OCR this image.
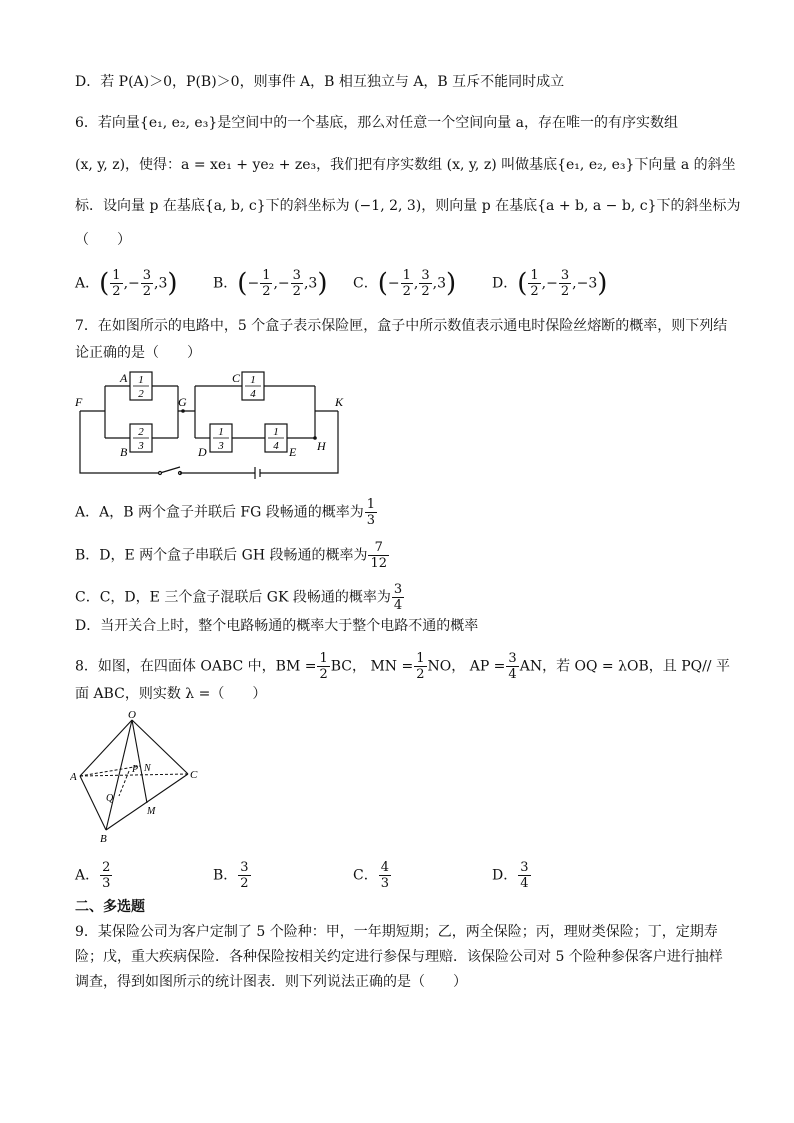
D．若 P(A)＞0，P(B)＞0，则事件 A，B 相互独立与 A，B 互斥不能同时成立
6．若向量{e₁, e₂, e₃}是空间中的一个基底，那么对任意一个空间向量 a，存在唯一的有序实数组
(x, y, z)，使得：a = xe₁ + ye₂ + ze₃，我们把有序实数组 (x, y, z) 叫做基底{e₁, e₂, e₃}下向量 a 的斜坐
标．设向量 p 在基底{a, b, c}下的斜坐标为 (−1, 2, 3)，则向量 p 在基底{a + b, a − b, c}下的斜坐标为
（　　）
A．( $\frac{1}{2}$ ,− $\frac{3}{2} ,3$)	B．(− $\frac{1}{2}$ ,− $\frac{3}{2} ,3$) C．(− $\frac{1}{2}$ , $\frac{3}{2} ,3$)	D．( $\frac{1}{2}$ ,− $\frac{3}{2} ,-3$)
7．在如图所示的电路中，5 个盒子表示保险匣，盒子中所示数值表示通电时保险丝熔断的概率，则下列结
论正确的是（　　）
F	G	K
H
A
B
C
D	E
1
2
2
3
1
4
1
3
1
4
A．A，B 两个盒子并联后 FG 段畅通的概率为 $\frac{1}{3}$
B．D，E 两个盒子串联后 GH 段畅通的概率为 $\frac{7}{12}$
C．C，D，E 三个盒子混联后 GK 段畅通的概率为 $\frac{3}{4}$
D．当开关合上时，整个电路畅通的概率大于整个电路不通的概率
8．如图，在四面体 OABC 中，BM = $\frac{1}{2}$ BC， MN = $\frac{1}{2}$ NO， AP = $\frac{3}{4}$ AN，若 OQ = λOB，且 PQ// 平
面 ABC，则实数 λ =（　　）
O
A
B
C
P N
Q
M
A． $\frac{2}{3}$	B． $\frac{3}{2}$	C． $\frac{4}{3}$	D． $\frac{3}{4}$
二、多选题
9．某保险公司为客户定制了 5 个险种：甲，一年期短期；乙，两全保险；丙，理财类保险；丁，定期寿
险；戊，重大疾病保险．各种保险按相关约定进行参保与理赔．该保险公司对 5 个险种参保客户进行抽样
调查，得到如图所示的统计图表．则下列说法正确的是（　　）
